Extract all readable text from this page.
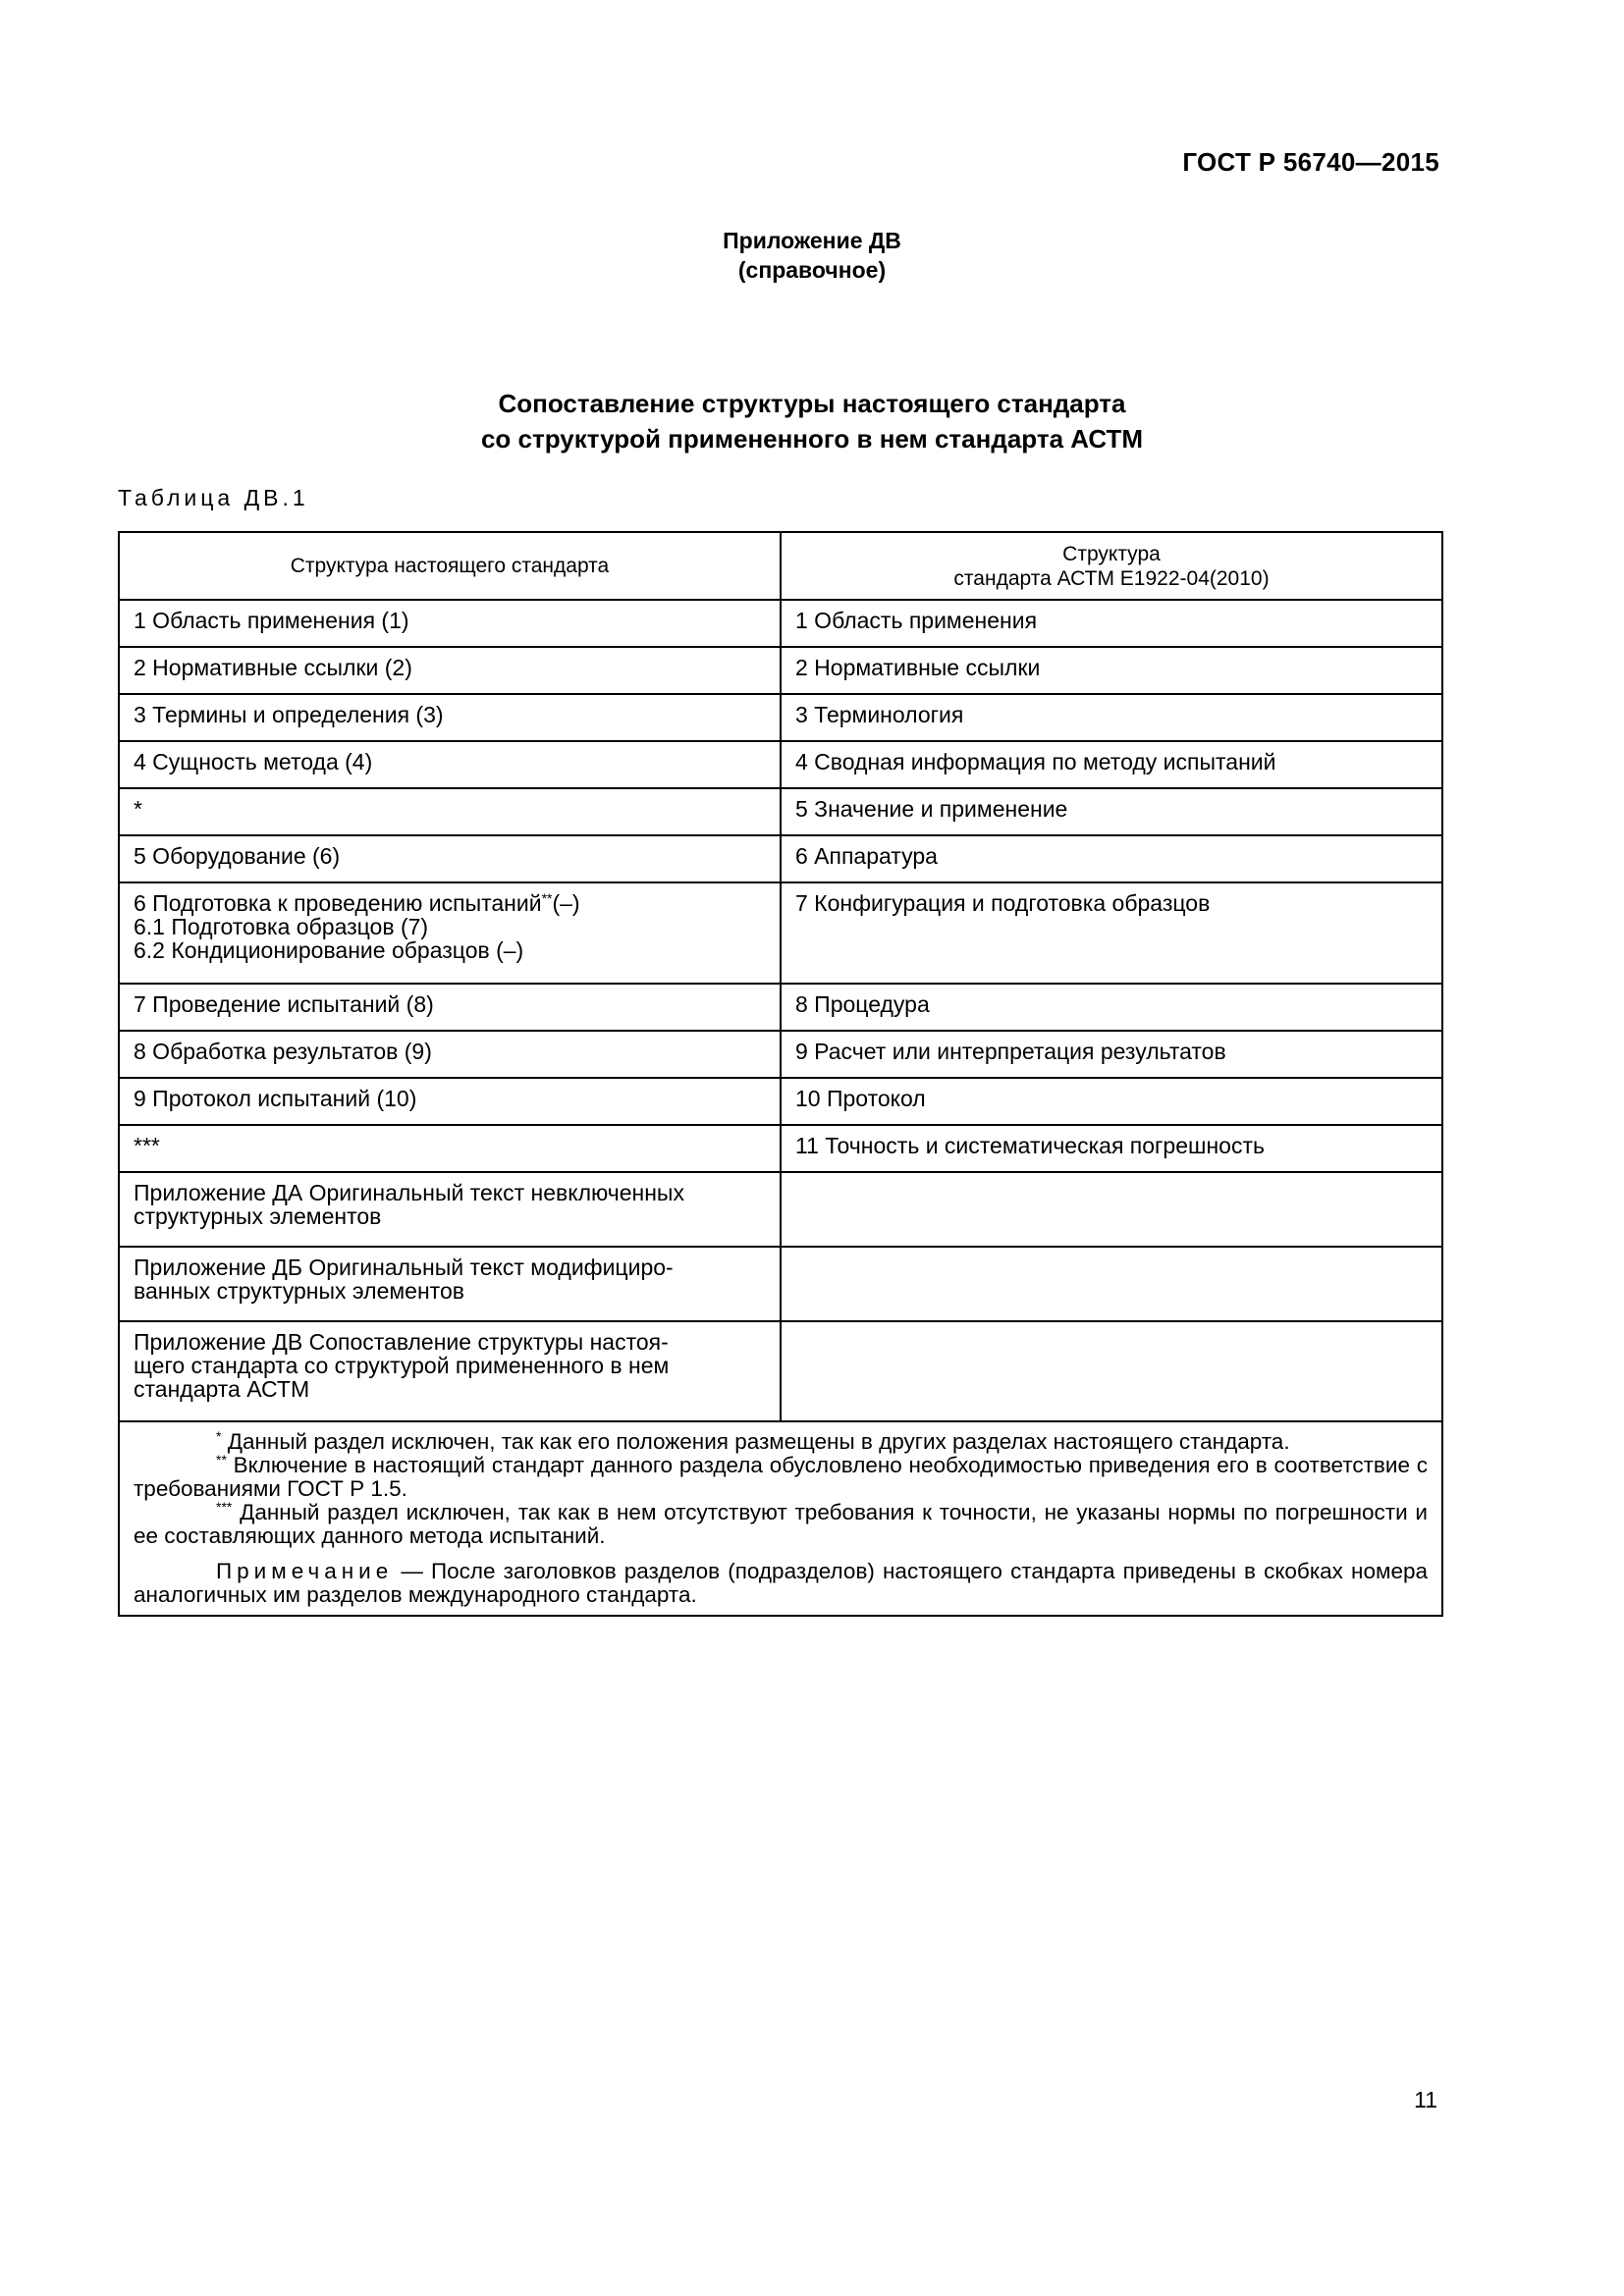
ГОСТ Р 56740—2015
Приложение ДВ
(справочное)
Сопоставление структуры настоящего стандарта
со структурой примененного в нем стандарта АСТМ
Таблица ДВ.1
Структура настоящего стандарта	Структура
стандарта АСТМ Е1922-04(2010)

1 Область применения (1)	1 Область применения
2 Нормативные ссылки (2)	2 Нормативные ссылки
3 Термины и определения (3)	3 Терминология
4 Сущность метода (4)	4 Сводная информация по методу испытаний
*	5 Значение и применение
5 Оборудование (6)	6 Аппаратура

6 Подготовка к проведению испытаний**(–)
6.1 Подготовка образцов (7)
6.2 Кондиционирование образцов (–)	7 Конфигурация и подготовка образцов
7 Проведение испытаний (8)	8 Процедура
8 Обработка результатов (9)	9 Расчет или интерпретация результатов
9 Протокол испытаний (10)	10 Протокол
***	11 Точность и систематическая погрешность

Приложение ДА Оригинальный текст невключенных
структурных элементов	

Приложение ДБ Оригинальный текст модифициро-
ванных структурных элементов	

Приложение ДВ Сопоставление структуры настоя-
щего стандарта со структурой примененного в нем
стандарта АСТМ	

* Данный раздел исключен, так как его положения размещены в других разделах настоящего стандарта.
** Включение в настоящий стандарт данного раздела обусловлено необходимостью приведения его в соответствие с требованиями ГОСТ Р 1.5.
*** Данный раздел исключен, так как в нем отсутствуют требования к точности, не указаны нормы по погрешности и ее составляющих данного метода испытаний.
Примечание — После заголовков разделов (подразделов) настоящего стандарта приведены в скобках номера аналогичных им разделов международного стандарта.	
11
